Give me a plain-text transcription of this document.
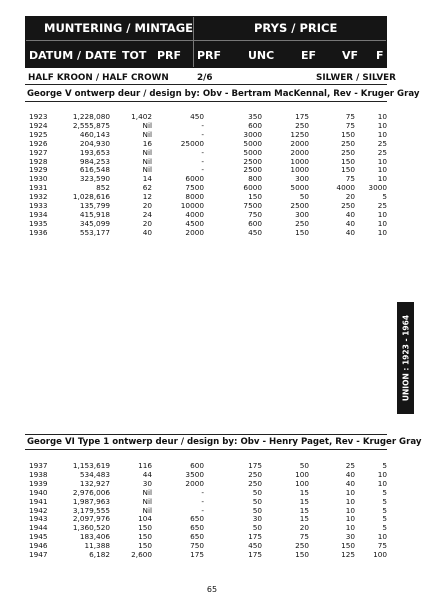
MUNTERING / MINTAGE	PRYS / PRICE
DATUM / DATE TOT PRF PRF UNC EF VF F
HALF KROON / HALF CROWN	2/6	SILWER / SILVER
George V ontwerp deur / design by: Obv - Bertram MacKennal, Rev - Kruger Gray
1923	1,228,080	1,402	450	350	175	75	10
1924	2,555,875	Nil	-	600	250	75	10
1925	460,143	Nil	-	3000	1250	150	10
1926	204,930	16	25000	5000	2000	250	25
1927	193,653	Nil	-	5000	2000	250	25
1928	984,253	Nil	-	2500	1000	150	10
1929	616,548	Nil	-	2500	1000	150	10
1930	323,590	14	6000	800	300	75	10
1931	852	62	7500	6000	5000	4000 3000
1932	1,028,616	12	8000	150	50	20	5
1933	135,799	20	10000	7500	2500	250	25
1934	415,918	24	4000	750	300	40	10
1935	345,099	20	4500	600	250	40	10
1936	553,177	40	2000	450	150	40	10
George VI Type 1 ontwerp deur / design by: Obv - Henry Paget, Rev - Kruger Gray
1937	1,153,619	116	600	175	50	25	5
1938	534,483	44	3500	250	100	40	10
1939	132,927	30	2000	250	100	40	10
1940	2,976,006	Nil	-	50	15	10	5
1941	1,987,963	Nil	-	50	15	10	5
1942	3,179,555	Nil	-	50	15	10	5
1943	2,097,976	104	650	30	15	10	5
1944	1,360,520	150	650	50	20	10	5
1945	183,406	150	650	175	75	30	10
1946	11,388	150	750	450	250	150	75
1947	6,182	2,600	175	175	150	125 100
UNION : 1923 - 1964
65
